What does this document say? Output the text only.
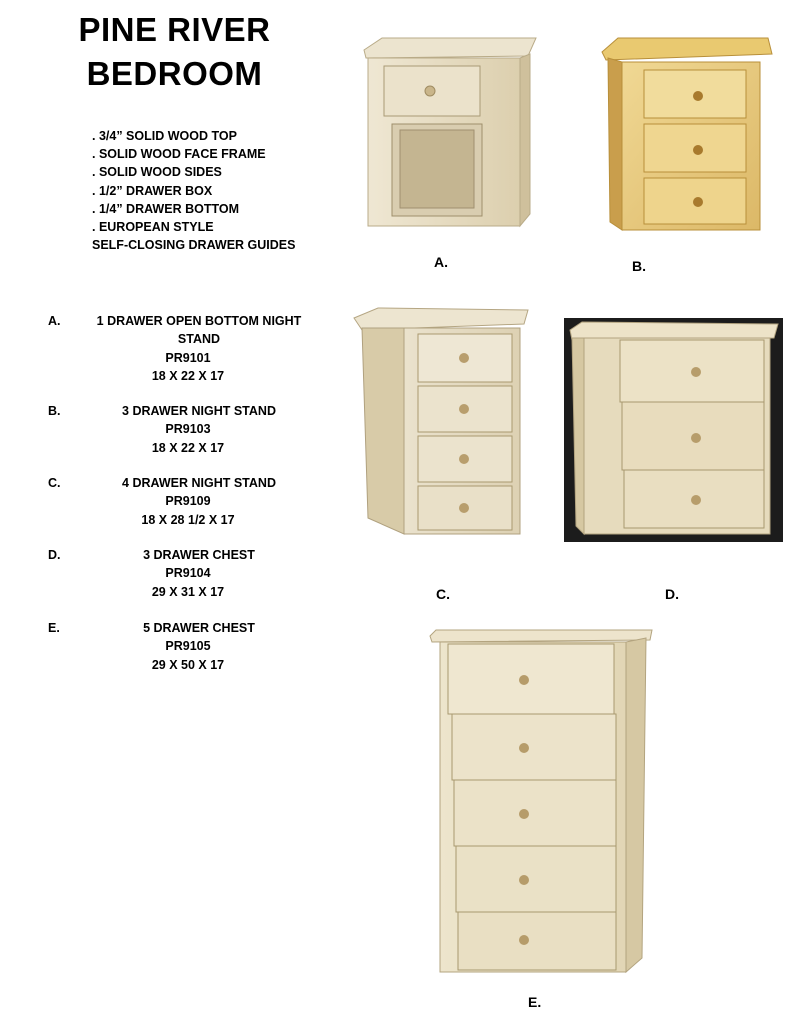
PINE RIVER
BEDROOM
. 3/4” SOLID WOOD TOP
. SOLID WOOD FACE FRAME
. SOLID WOOD SIDES
. 1/2” DRAWER BOX
. 1/4” DRAWER BOTTOM
. EUROPEAN STYLE
SELF-CLOSING DRAWER GUIDES
A.	1 DRAWER OPEN BOTTOM NIGHT
STAND
PR9101
18 X 22 X 17
B.	3 DRAWER NIGHT STAND
PR9103
18 X 22 X 17
C.	4 DRAWER NIGHT STAND
PR9109
18 X 28 1/2 X 17
D.	3 DRAWER CHEST
PR9104
29 X 31 X 17
E.	5 DRAWER CHEST
PR9105
29 X 50 X 17
A.	B.
C.	D.
E.
